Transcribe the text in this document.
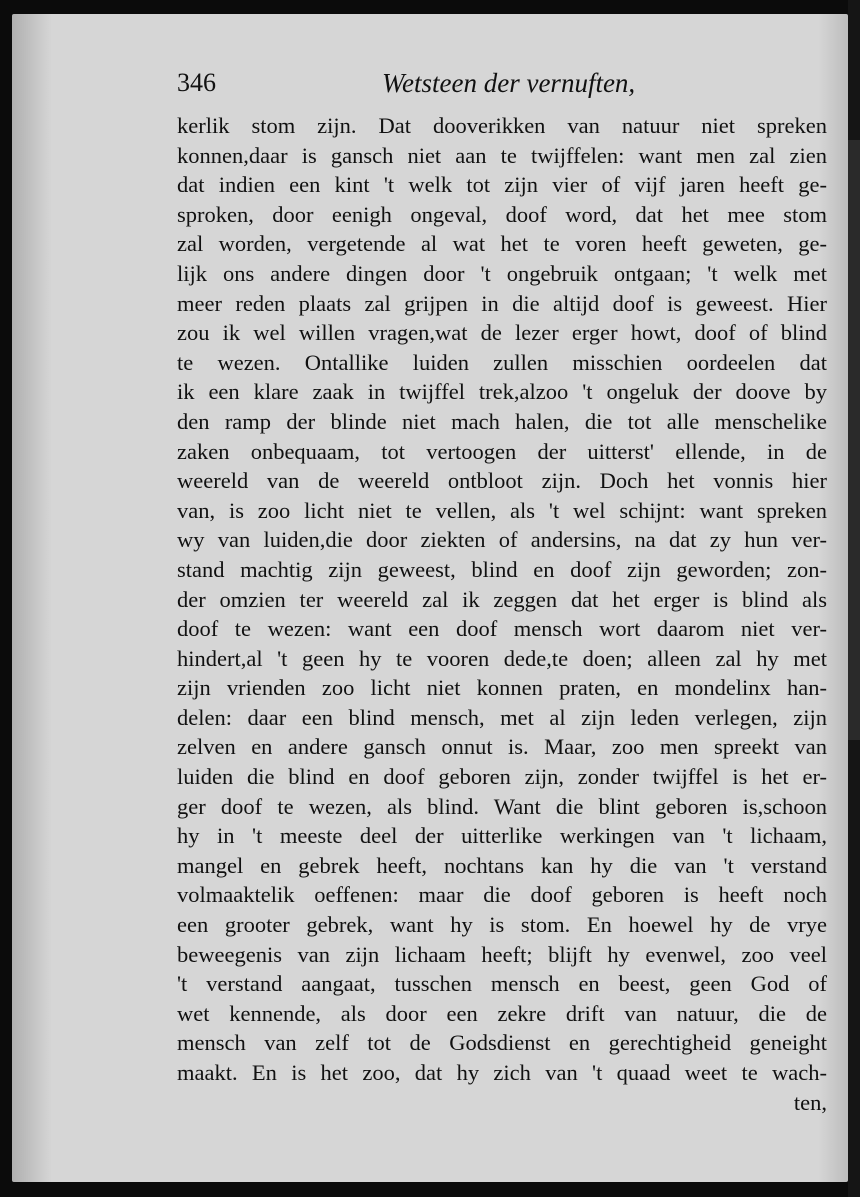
346	Wetsteen der vernuften,
kerlik stom zijn. Dat dooverikken van natuur niet spreken
konnen,daar is gansch niet aan te twijffelen: want men zal zien
dat indien een kint 't welk tot zijn vier of vijf jaren heeft ge-
sproken, door eenigh ongeval, doof word, dat het mee stom
zal worden, vergetende al wat het te voren heeft geweten, ge-
lijk ons andere dingen door 't ongebruik ontgaan; 't welk met
meer reden plaats zal grijpen in die altijd doof is geweest. Hier
zou ik wel willen vragen,wat de lezer erger howt, doof of blind
te wezen. Ontallike luiden zullen misschien oordeelen dat
ik een klare zaak in twijffel trek,alzoo 't ongeluk der doove by
den ramp der blinde niet mach halen, die tot alle menschelike
zaken onbequaam, tot vertoogen der uitterst' ellende, in de
weereld van de weereld ontbloot zijn. Doch het vonnis hier
van, is zoo licht niet te vellen, als 't wel schijnt: want spreken
wy van luiden,die door ziekten of andersins, na dat zy hun ver-
stand machtig zijn geweest, blind en doof zijn geworden; zon-
der omzien ter weereld zal ik zeggen dat het erger is blind als
doof te wezen: want een doof mensch wort daarom niet ver-
hindert,al 't geen hy te vooren dede,te doen; alleen zal hy met
zijn vrienden zoo licht niet konnen praten, en mondelinx han-
delen: daar een blind mensch, met al zijn leden verlegen, zijn
zelven en andere gansch onnut is. Maar, zoo men spreekt van
luiden die blind en doof geboren zijn, zonder twijffel is het er-
ger doof te wezen, als blind. Want die blint geboren is,schoon
hy in 't meeste deel der uitterlike werkingen van 't lichaam,
mangel en gebrek heeft, nochtans kan hy die van 't verstand
volmaaktelik oeffenen: maar die doof geboren is heeft noch
een grooter gebrek, want hy is stom. En hoewel hy de vrye
beweegenis van zijn lichaam heeft; blijft hy evenwel, zoo veel
't verstand aangaat, tusschen mensch en beest, geen God of
wet kennende, als door een zekre drift van natuur, die de
mensch van zelf tot de Godsdienst en gerechtigheid geneight
maakt. En is het zoo, dat hy zich van 't quaad weet te wach-
ten,
